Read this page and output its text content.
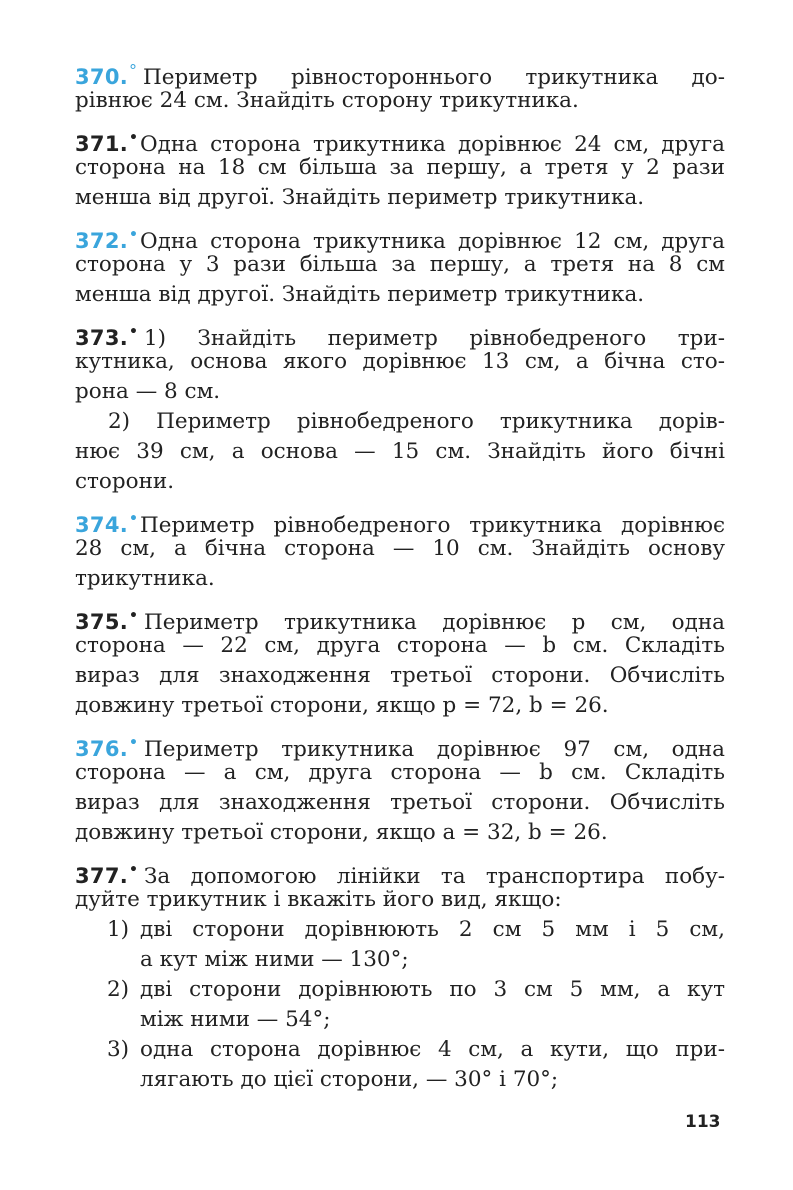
370.° Периметр рівностороннього трикутника до-
рівнює 24 см. Знайдіть сторону трикутника.
371.•Одна сторона трикутника дорівнює 24 см, друга
сторона на 18 см більша за першу, а третя у 2 рази
менша від другої. Знайдіть периметр трикутника.
372.•Одна сторона трикутника дорівнює 12 см, друга
сторона у 3 рази більша за першу, а третя на 8 см
менша від другої. Знайдіть периметр трикутника.
373.• 1) Знайдіть периметр рівнобедреного три-
кутника, основа якого дорівнює 13 см, а бічна сто-
рона — 8 см.
2) Периметр рівнобедреного трикутника дорів-
нює 39 см, а основа — 15 см. Знайдіть його бічні
сторони.
374.•Периметр рівнобедреного трикутника дорівнює
28 см, а бічна сторона — 10 см. Знайдіть основу
трикутника.
375.• Периметр трикутника дорівнює p см, одна
сторона — 22 см, друга сторона — b см. Складіть
вираз для знаходження третьої сторони. Обчисліть
довжину третьої сторони, якщо p = 72, b = 26.
376.• Периметр трикутника дорівнює 97 см, одна
сторона — a см, друга сторона — b см. Складіть
вираз для знаходження третьої сторони. Обчисліть
довжину третьої сторони, якщо a = 32, b = 26.
377.• За допомогою лінійки та транспортира побу-
дуйте трикутник і вкажіть його вид, якщо:
1) дві сторони дорівнюють 2 см 5 мм і 5 см,
а кут між ними — 130°;
2) дві сторони дорівнюють по 3 см 5 мм, а кут
між ними — 54°;
3) одна сторона дорівнює 4 см, а кути, що при-
лягають до цієї сторони, — 30° і 70°;
113
